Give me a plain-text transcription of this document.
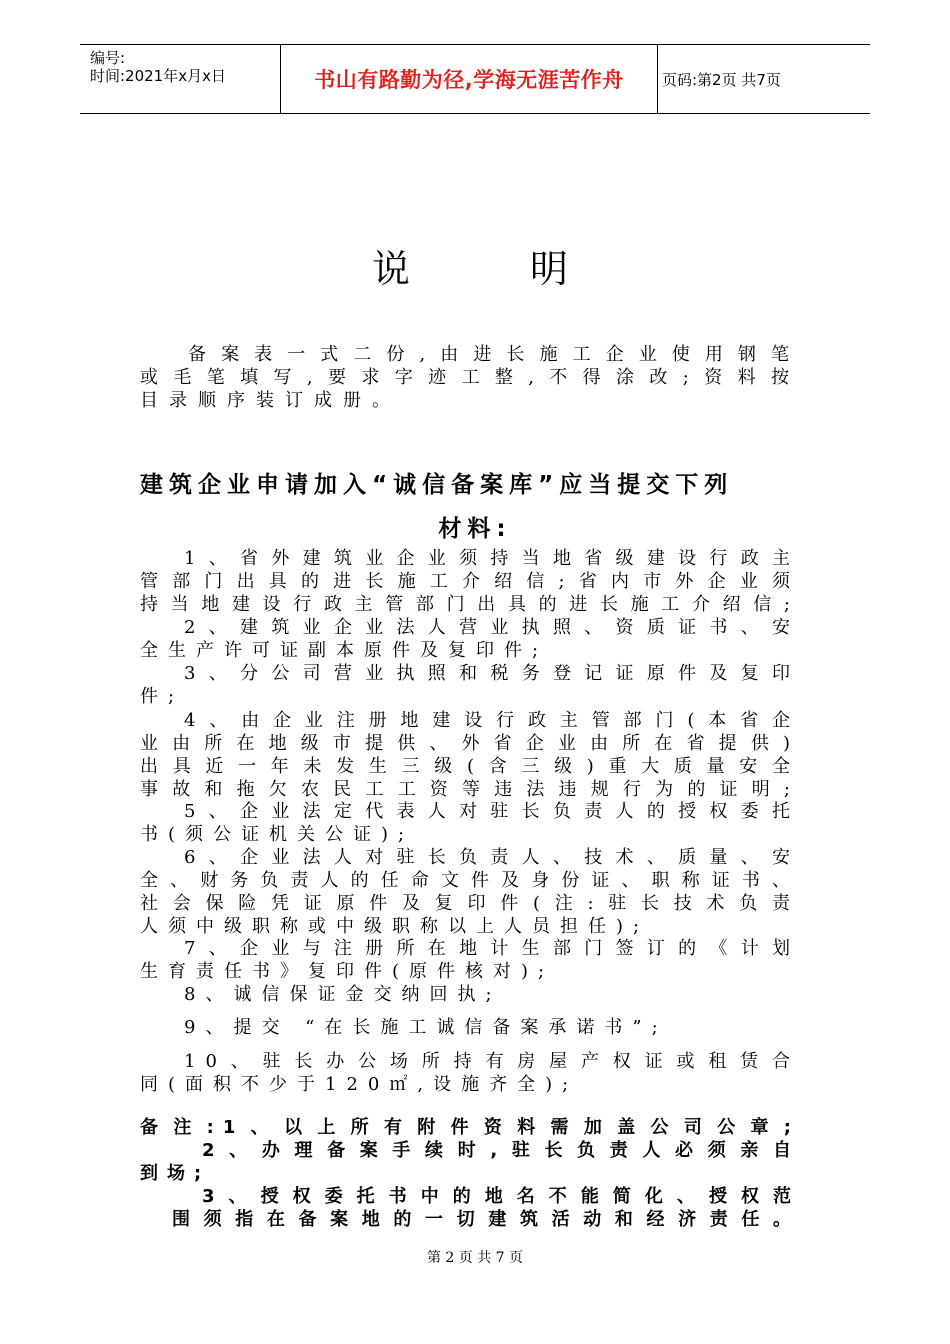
编号:
时间:2021年x月x日	书山有路勤为径,学海无涯苦作舟	页码:第2页 共7页
说明
备案表一式二份,由进长施工企业使用钢笔
或毛笔填写,要求字迹工整,不得涂改;资料按
目录顺序装订成册。
建筑企业申请加入“诚信备案库”应当提交下列
材料:
1、省外建筑业企业须持当地省级建设行政主
管部门出具的进长施工介绍信;省内市外企业须
持当地建设行政主管部门出具的进长施工介绍信;
2、建筑业企业法人营业执照、资质证书、安
全生产许可证副本原件及复印件;
3、分公司营业执照和税务登记证原件及复印
件;
4、由企业注册地建设行政主管部门(本省企
业由所在地级市提供、外省企业由所在省提供)
出具近一年未发生三级(含三级)重大质量安全
事故和拖欠农民工工资等违法违规行为的证明;
5、企业法定代表人对驻长负责人的授权委托
书(须公证机关公证);
6、企业法人对驻长负责人、技术、质量、安
全、财务负责人的任命文件及身份证、职称证书、
社会保险凭证原件及复印件(注:驻长技术负责
人须中级职称或中级职称以上人员担任);
7、企业与注册所在地计生部门签订的《计划
生育责任书》复印件(原件核对);
8、诚信保证金交纳回执;
9、提交 “在长施工诚信备案承诺书”;
10、驻长办公场所持有房屋产权证或租赁合
同(面积不少于120㎡,设施齐全);
备注:1、以上所有附件资料需加盖公司公章;
2、办理备案手续时,驻长负责人必须亲自
到场;
3、授权委托书中的地名不能简化、授权范
围须指在备案地的一切建筑活动和经济责任。
第 2 页 共 7 页
